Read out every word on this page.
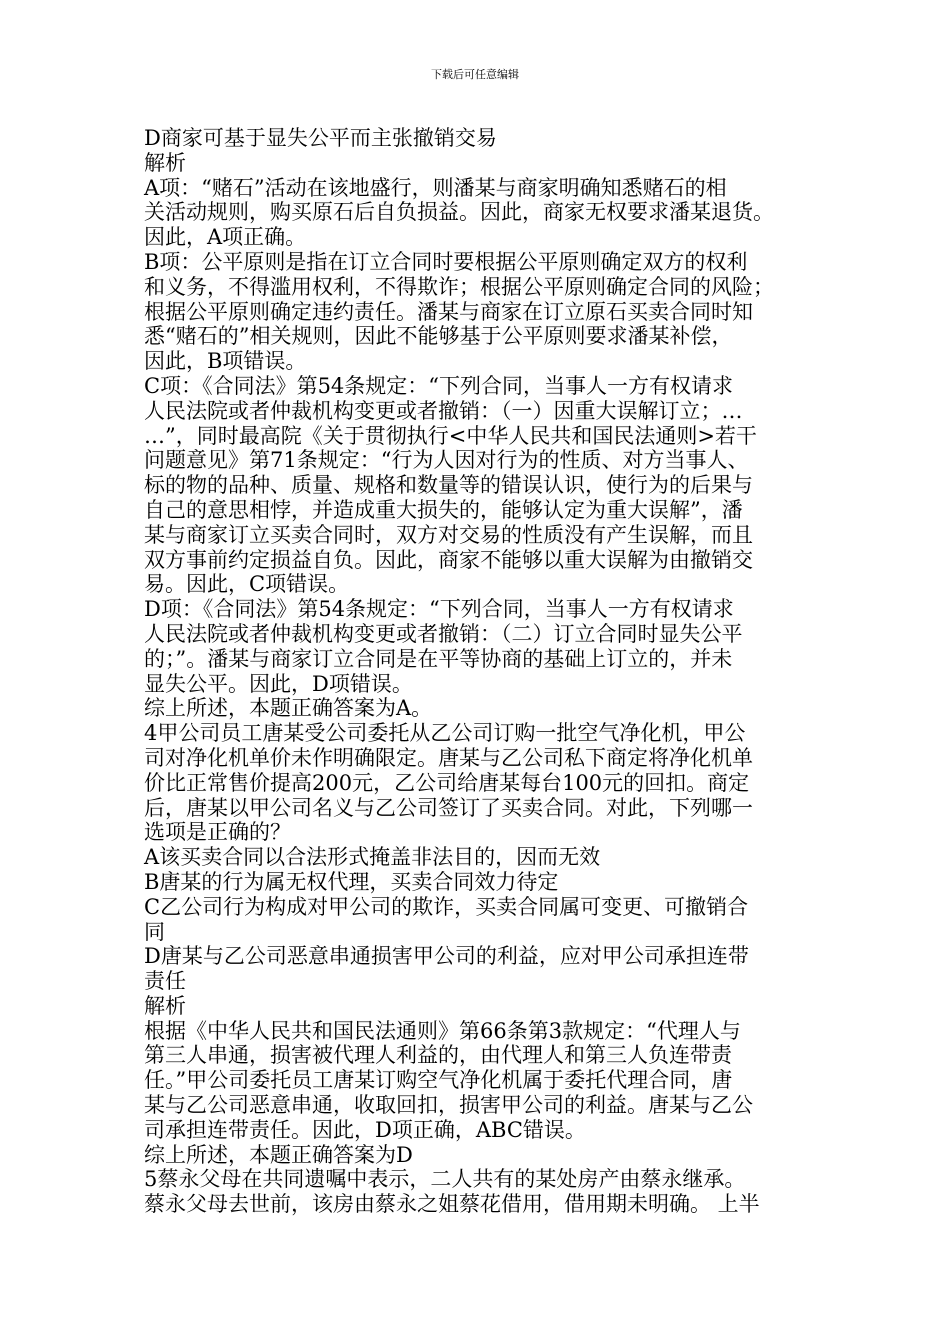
下载后可任意编辑
D商家可基于显失公平而主张撤销交易
解析
A项：“赌石”活动在该地盛行，则潘某与商家明确知悉赌石的相
关活动规则，购买原石后自负损益。因此，商家无权要求潘某退货。
因此，A项正确。
B项：公平原则是指在订立合同时要根据公平原则确定双方的权利
和义务，不得滥用权利，不得欺诈；根据公平原则确定合同的风险；
根据公平原则确定违约责任。潘某与商家在订立原石买卖合同时知
悉“赌石的”相关规则，因此不能够基于公平原则要求潘某补偿，
因此，B项错误。
C项：《合同法》第54条规定：“下列合同，当事人一方有权请求
人民法院或者仲裁机构变更或者撤销：（一）因重大误解订立；…
…”，同时最高院《关于贯彻执行<中华人民共和国民法通则>若干
问题意见》第71条规定：“行为人因对行为的性质、对方当事人、
标的物的品种、质量、规格和数量等的错误认识，使行为的后果与
自己的意思相悖，并造成重大损失的，能够认定为重大误解”，潘
某与商家订立买卖合同时，双方对交易的性质没有产生误解，而且
双方事前约定损益自负。因此，商家不能够以重大误解为由撤销交
易。因此，C项错误。
D项：《合同法》第54条规定：“下列合同，当事人一方有权请求
人民法院或者仲裁机构变更或者撤销：（二）订立合同时显失公平
的；”。潘某与商家订立合同是在平等协商的基础上订立的，并未
显失公平。因此，D项错误。
综上所述，本题正确答案为A。
4甲公司员工唐某受公司委托从乙公司订购一批空气净化机，甲公
司对净化机单价未作明确限定。唐某与乙公司私下商定将净化机单
价比正常售价提高200元，乙公司给唐某每台100元的回扣。商定
后，唐某以甲公司名义与乙公司签订了买卖合同。对此，下列哪一
选项是正确的？
A该买卖合同以合法形式掩盖非法目的，因而无效
B唐某的行为属无权代理，买卖合同效力待定
C乙公司行为构成对甲公司的欺诈，买卖合同属可变更、可撤销合
同
D唐某与乙公司恶意串通损害甲公司的利益，应对甲公司承担连带
责任
解析
根据《中华人民共和国民法通则》第66条第3款规定：“代理人与
第三人串通，损害被代理人利益的，由代理人和第三人负连带责
任。”甲公司委托员工唐某订购空气净化机属于委托代理合同，唐
某与乙公司恶意串通，收取回扣，损害甲公司的利益。唐某与乙公
司承担连带责任。因此，D项正确，ABC错误。
综上所述，本题正确答案为D
5蔡永父母在共同遗嘱中表示，二人共有的某处房产由蔡永继承。
蔡永父母去世前，该房由蔡永之姐蔡花借用，借用期未明确。 上半
